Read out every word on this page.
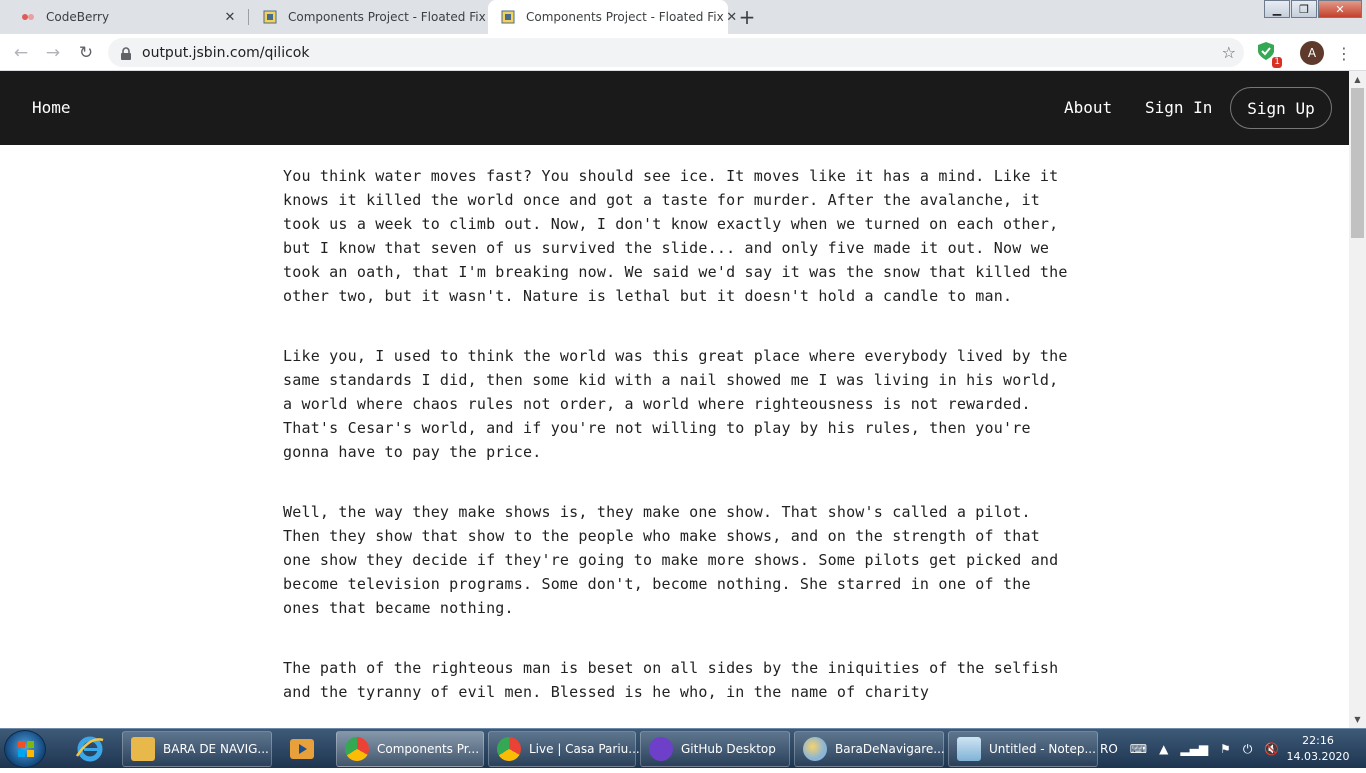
CodeBerry	✕	Components Project - Floated Fix	Components Project - Floated Fix ✕ +	▁ ❐ ✕
← → ↻	output.jsbin.com/qilicok	☆	1
A	⋮
Home	About Sign In	Sign Up

You think water moves fast? You should see ice. It moves like it has a mind. Like it knows it killed the world once and got a taste for murder. After the avalanche, it took us a week to climb out. Now, I don't know exactly when we turned on each other, but I know that seven of us survived the slide... and only five made it out. Now we took an oath, that I'm breaking now. We said we'd say it was the snow that killed the other two, but it wasn't. Nature is lethal but it doesn't hold a candle to man.

Like you, I used to think the world was this great place where everybody lived by the same standards I did, then some kid with a nail showed me I was living in his world, a world where chaos rules not order, a world where righteousness is not rewarded. That's Cesar's world, and if you're not willing to play by his rules, then you're gonna have to pay the price.

Well, the way they make shows is, they make one show. That show's called a pilot. Then they show that show to the people who make shows, and on the strength of that one show they decide if they're going to make more shows. Some pilots get picked and become television programs. Some don't, become nothing. She starred in one of the ones that became nothing.

The path of the righteous man is beset on all sides by the iniquities of the selfish and the tyranny of evil men. Blessed is he who, in the name of charity

▲
▼
BARA DE NAVIG...	Components Pr...	Live | Casa Pariu...	GitHub Desktop	BaraDeNavigare...	Untitled - Notep... RO ⌨ ▲ ▂▄▆ ⚑ ⏻ 🔇
22:16
14.03.2020
